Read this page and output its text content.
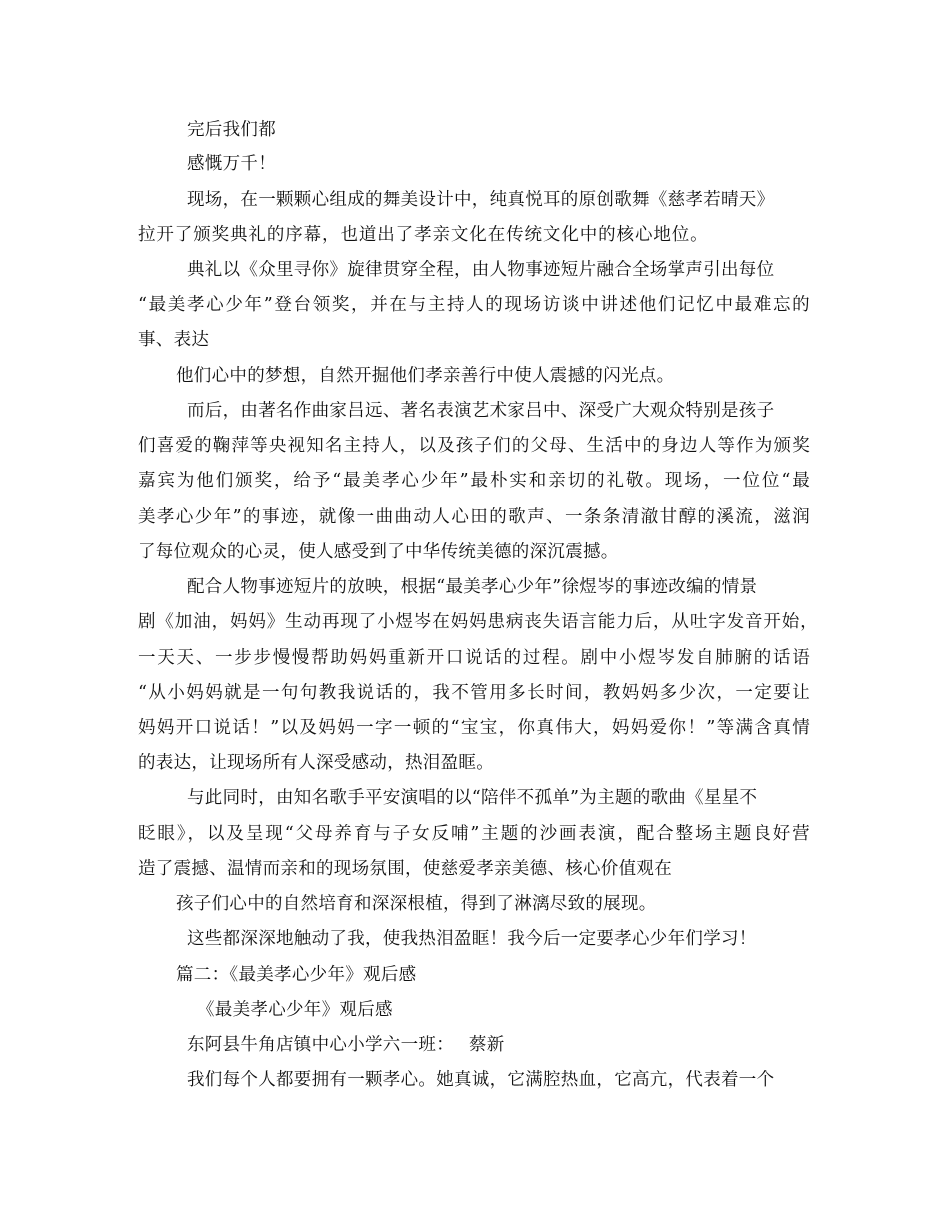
完后我们都

感慨万千！

现场，在一颗颗心组成的舞美设计中，纯真悦耳的原创歌舞《慈孝若晴天》

拉开了颁奖典礼的序幕，也道出了孝亲文化在传统文化中的核心地位。

典礼以《众里寻你》旋律贯穿全程，由人物事迹短片融合全场掌声引出每位

“最美孝心少年”登台领奖，并在与主持人的现场访谈中讲述他们记忆中最难忘的

事、表达

他们心中的梦想，自然开掘他们孝亲善行中使人震撼的闪光点。

而后，由著名作曲家吕远、著名表演艺术家吕中、深受广大观众特别是孩子

们喜爱的鞠萍等央视知名主持人，以及孩子们的父母、生活中的身边人等作为颁奖

嘉宾为他们颁奖，给予“最美孝心少年”最朴实和亲切的礼敬。现场，一位位“最

美孝心少年”的事迹，就像一曲曲动人心田的歌声、一条条清澈甘醇的溪流，滋润

了每位观众的心灵，使人感受到了中华传统美德的深沉震撼。

配合人物事迹短片的放映，根据“最美孝心少年”徐煜岑的事迹改编的情景

剧《加油，妈妈》生动再现了小煜岑在妈妈患病丧失语言能力后，从吐字发音开始，

一天天、一步步慢慢帮助妈妈重新开口说话的过程。剧中小煜岑发自肺腑的话语

“从小妈妈就是一句句教我说话的，我不管用多长时间，教妈妈多少次，一定要让

妈妈开口说话！”以及妈妈一字一顿的“宝宝，你真伟大，妈妈爱你！”等满含真情

的表达，让现场所有人深受感动，热泪盈眶。

与此同时，由知名歌手平安演唱的以“陪伴不孤单”为主题的歌曲《星星不

眨眼》，以及呈现“父母养育与子女反哺”主题的沙画表演，配合整场主题良好营

造了震撼、温情而亲和的现场氛围，使慈爱孝亲美德、核心价值观在

孩子们心中的自然培育和深深根植，得到了淋漓尽致的展现。

这些都深深地触动了我，使我热泪盈眶！我今后一定要孝心少年们学习！

篇二：《最美孝心少年》观后感

《最美孝心少年》观后感

东阿县牛角店镇中心小学六一班：　 蔡新

我们每个人都要拥有一颗孝心。她真诚，它满腔热血，它高亢，代表着一个
